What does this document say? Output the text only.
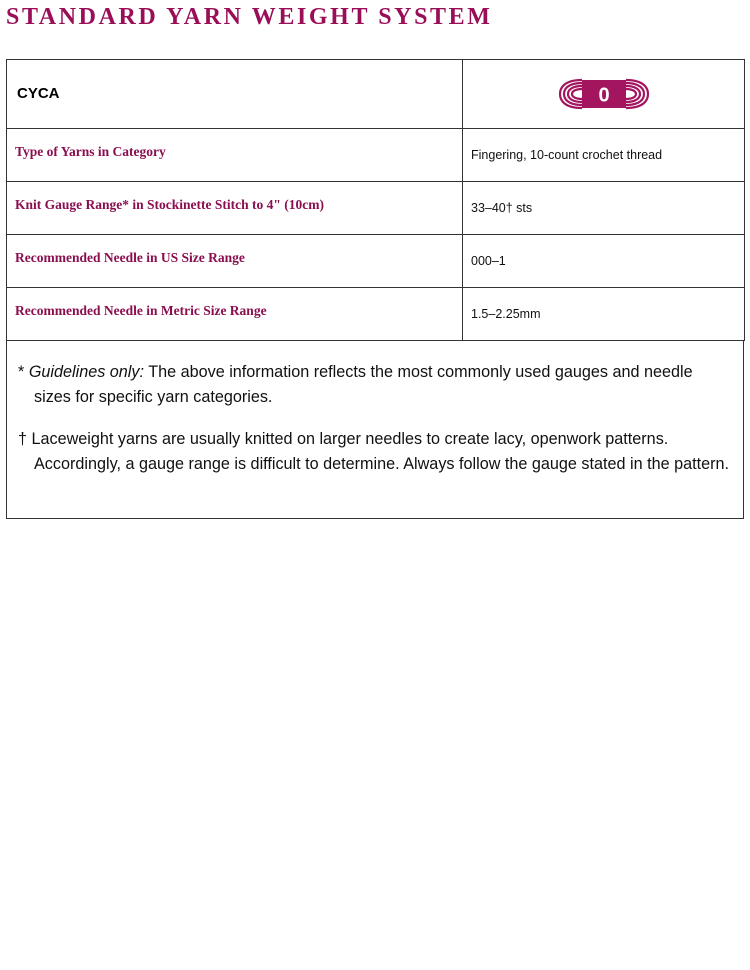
STANDARD YARN WEIGHT SYSTEM
CYCA	0

Type of Yarns in Category	Fingering, 10-count crochet thread
Knit Gauge Range* in Stockinette Stitch to 4" (10cm)	33–40† sts
Recommended Needle in US Size Range	000–1
Recommended Needle in Metric Size Range	1.5–2.25mm

* Guidelines only: The above information reflects the most commonly used gauges and needle sizes for specific yarn categories.

† Laceweight yarns are usually knitted on larger needles to create lacy, openwork patterns. Accordingly, a gauge range is difficult to determine. Always follow the gauge stated in the pattern.
